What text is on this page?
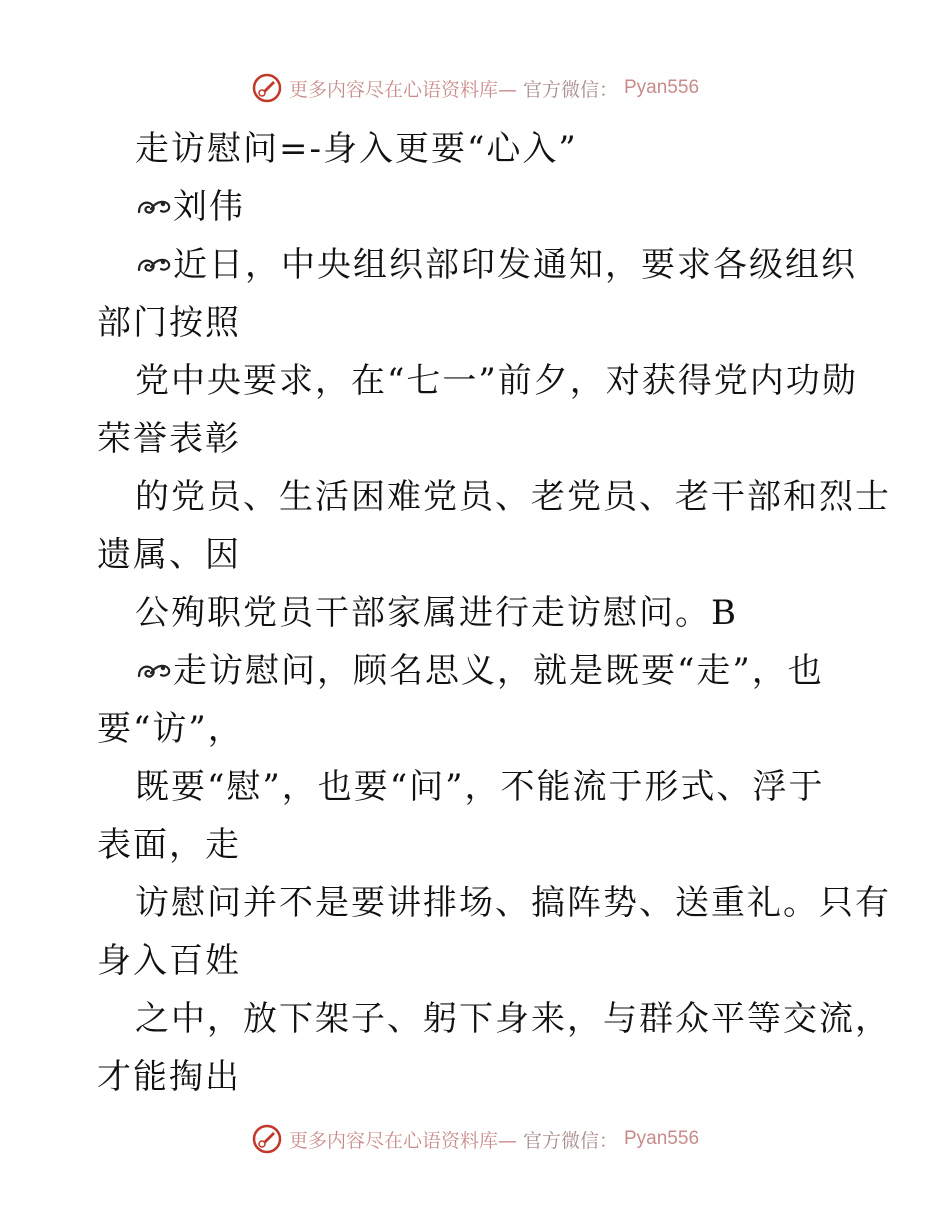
更多内容尽在心语资料库— 官方微信： Pyan556
走访慰问=-身入更要“心入”
刘伟
近日，中央组织部印发通知，要求各级组织
部门按照
党中央要求，在“七一”前夕，对获得党内功勋
荣誉表彰
的党员、生活困难党员、老党员、老干部和烈士
遗属、因
公殉职党员干部家属进行走访慰问。B
走访慰问，顾名思义，就是既要“走”，也
要“访”，
既要“慰”，也要“问”，不能流于形式、浮于
表面，走
访慰问并不是要讲排场、搞阵势、送重礼。只有
身入百姓
之中，放下架子、躬下身来，与群众平等交流，
才能掏出
更多内容尽在心语资料库— 官方微信： Pyan556
